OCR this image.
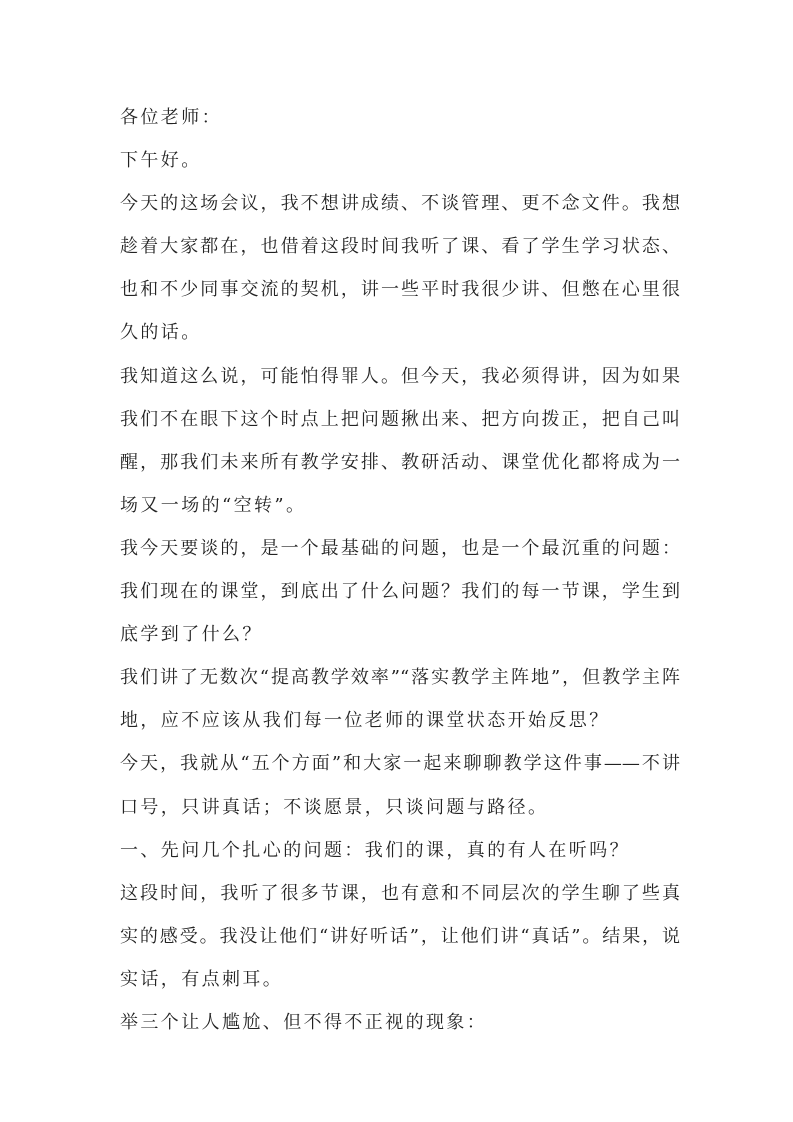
各位老师：
下午好。
今天的这场会议，我不想讲成绩、不谈管理、更不念文件。我想
趁着大家都在，也借着这段时间我听了课、看了学生学习状态、
也和不少同事交流的契机，讲一些平时我很少讲、但憋在心里很
久的话。
我知道这么说，可能怕得罪人。但今天，我必须得讲，因为如果
我们不在眼下这个时点上把问题揪出来、把方向拨正，把自己叫
醒，那我们未来所有教学安排、教研活动、课堂优化都将成为一
场又一场的“空转”。
我今天要谈的，是一个最基础的问题，也是一个最沉重的问题：
我们现在的课堂，到底出了什么问题？我们的每一节课，学生到
底学到了什么？
我们讲了无数次“提高教学效率”“落实教学主阵地”，但教学主阵
地，应不应该从我们每一位老师的课堂状态开始反思？
今天，我就从“五个方面”和大家一起来聊聊教学这件事——不讲
口号，只讲真话；不谈愿景，只谈问题与路径。
一、先问几个扎心的问题：我们的课，真的有人在听吗？
这段时间，我听了很多节课，也有意和不同层次的学生聊了些真
实的感受。我没让他们“讲好听话”，让他们讲“真话”。结果，说
实话，有点刺耳。
举三个让人尴尬、但不得不正视的现象：
